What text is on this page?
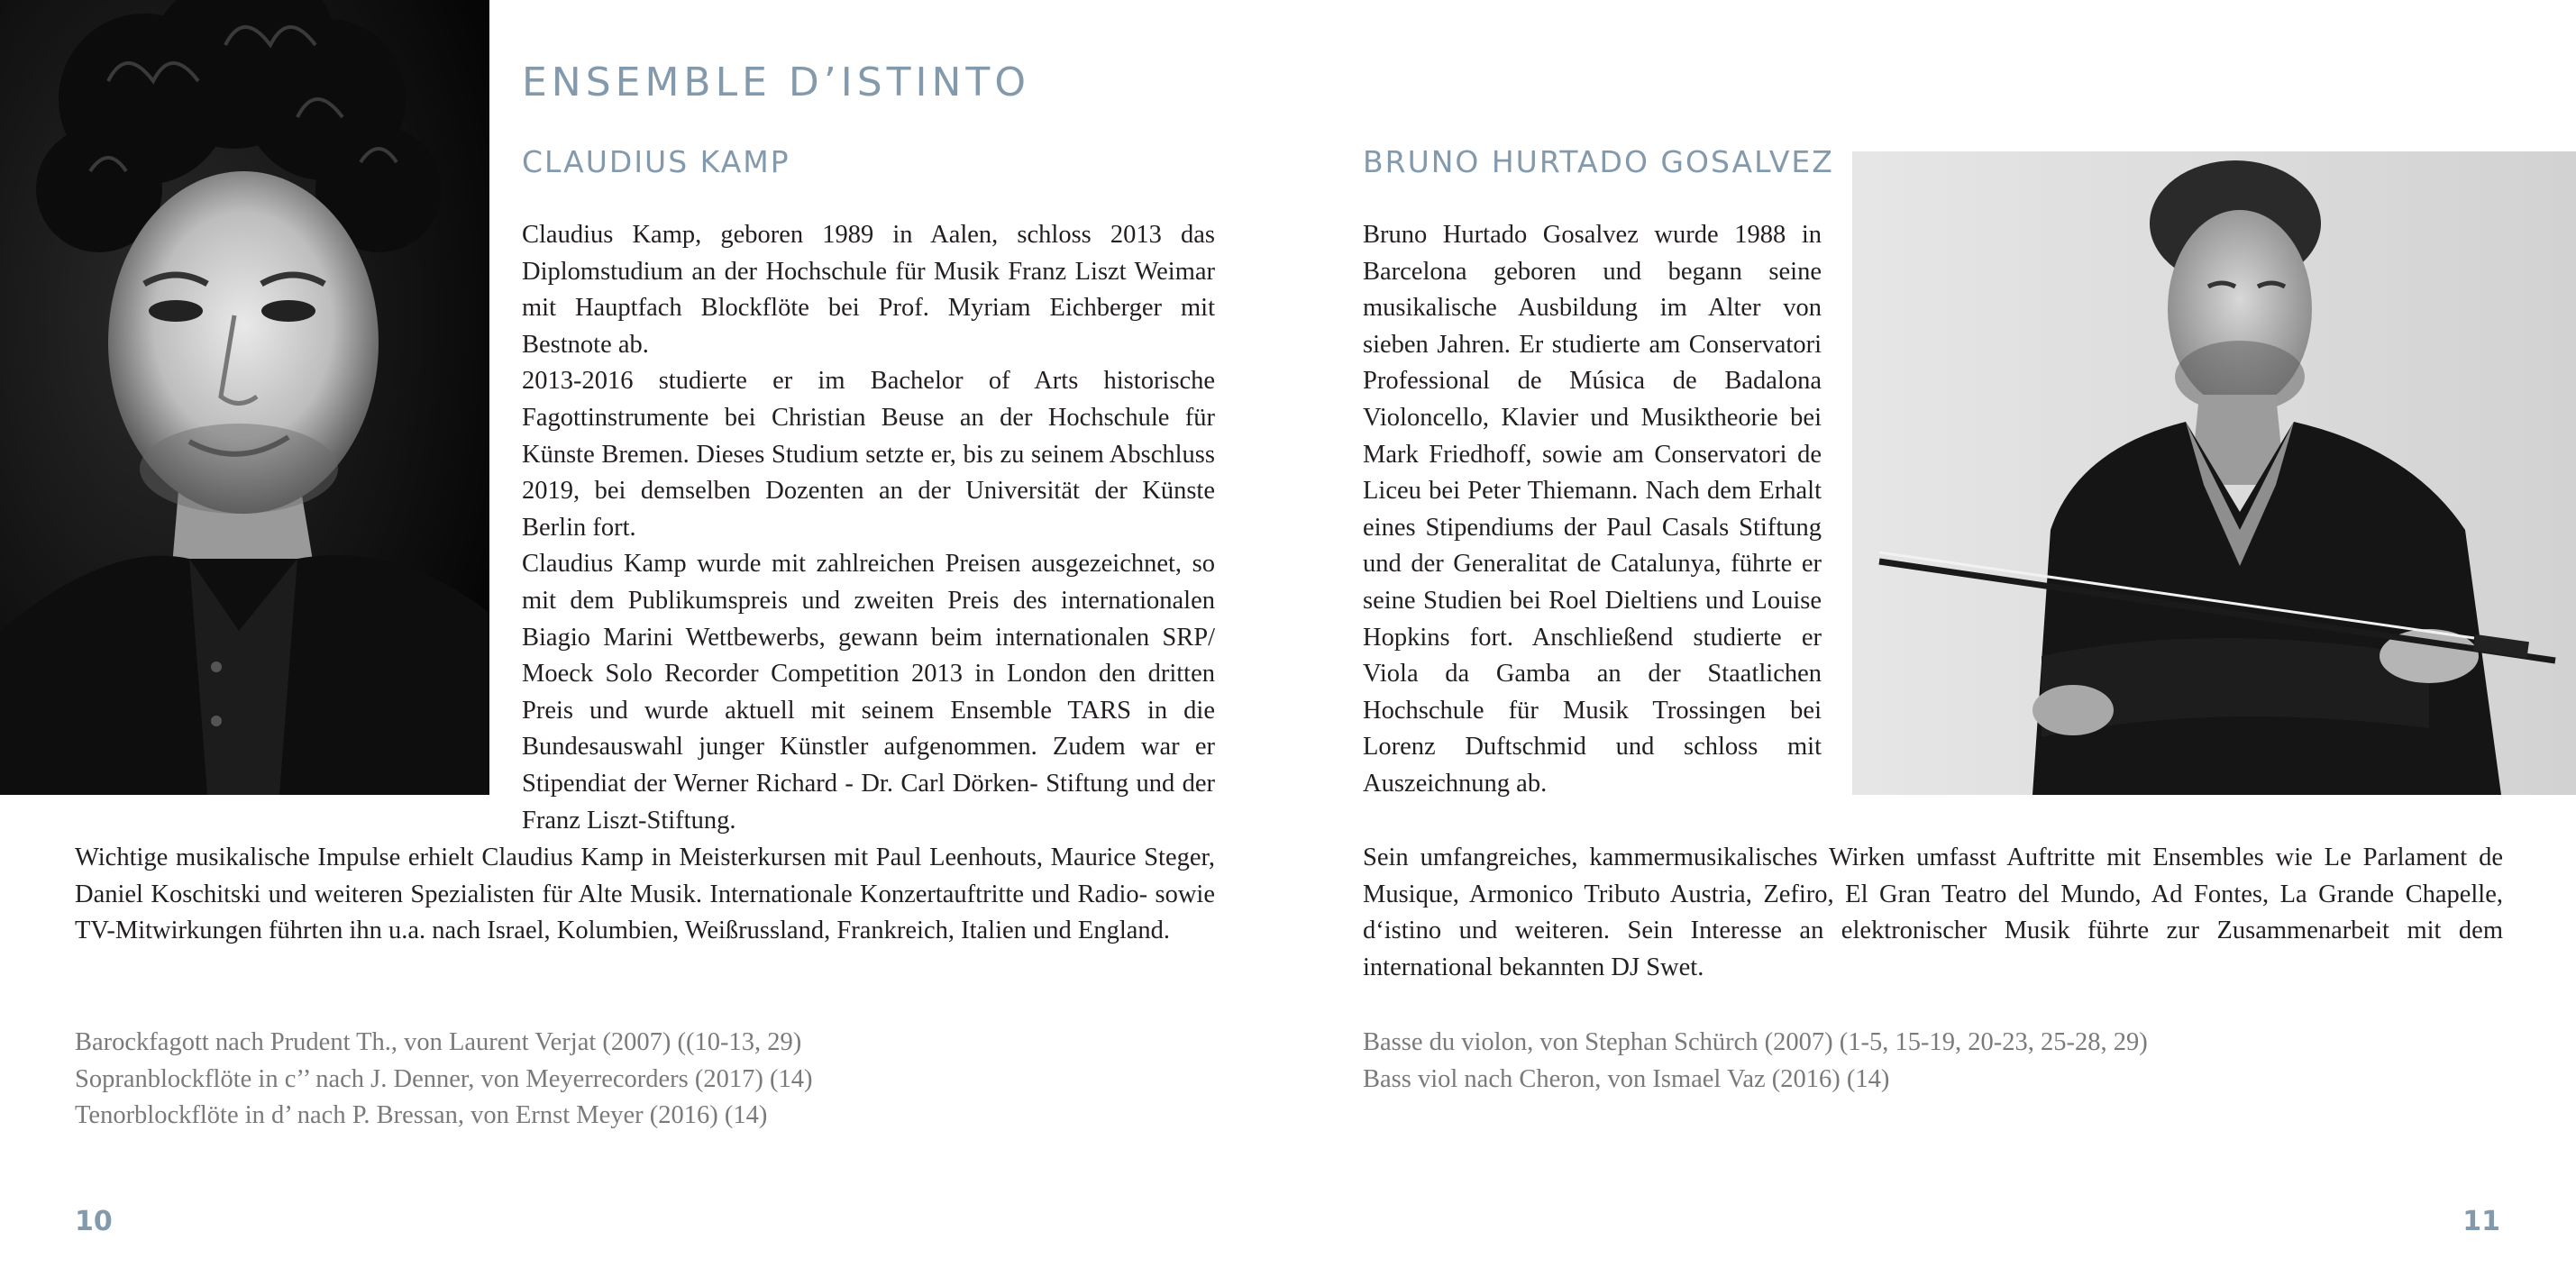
ENSEMBLE D’ISTINTO
CLAUDIUS KAMP	BRUNO HURTADO GOSALVEZ

Claudius Kamp, geboren 1989 in Aalen, schloss 2013 das Diplomstudium an der Hochschule für Musik Franz Liszt Weimar mit Hauptfach Blockflöte bei Prof. Myriam Eichberger mit Bestnote ab.

2013-2016 studierte er im Bachelor of Arts historische Fagottinstrumente bei Christian Beuse an der Hochschule für Künste Bremen. Dieses Studium setzte er, bis zu seinem Abschluss 2019, bei demselben Dozenten an der Universität der Künste Berlin fort.

Claudius Kamp wurde mit zahlreichen Preisen ausgezeichnet, so mit dem Publikumspreis und zweiten Preis des internationalen Biagio Marini Wettbewerbs, gewann beim internationalen SRP/ Moeck Solo Recorder Competition 2013 in London den dritten Preis und wurde aktuell mit seinem Ensemble TARS in die Bundesauswahl junger Künstler aufgenommen. Zudem war er Stipendiat der Werner Richard - Dr. Carl Dörken- Stiftung und der Franz Liszt-Stiftung.

Wichtige musikalische Impulse erhielt Claudius Kamp in Meisterkursen mit Paul Leenhouts, Maurice Steger, Daniel Koschitski und weiteren Spezialisten für Alte Musik. Internationale Konzertauftritte und Radio- sowie TV-Mitwirkungen führten ihn u.a. nach Israel, Kolumbien, Weißrussland, Frankreich, Italien und England.

Bruno Hurtado Gosalvez wurde 1988 in Barcelona geboren und begann seine musikalische Ausbildung im Alter von sieben Jahren. Er studierte am Conservatori Professional de Música de Badalona Violoncello, Klavier und Musiktheorie bei Mark Friedhoff, sowie am Conservatori de Liceu bei Peter Thiemann. Nach dem Erhalt eines Stipendiums der Paul Casals Stiftung und der Generalitat de Catalunya, führte er seine Studien bei Roel Dieltiens und Louise Hopkins fort. Anschließend studierte er Viola da Gamba an der Staatlichen Hochschule für Musik Trossingen bei Lorenz Duftschmid und schloss mit Auszeichnung ab.

Sein umfangreiches, kammermusikalisches Wirken umfasst Auftritte mit Ensembles wie Le Parlament de Musique, Armonico Tributo Austria, Zefiro, El Gran Teatro del Mundo, Ad Fontes, La Grande Chapelle, d‘istino und weiteren. Sein Interesse an elektronischer Musik führte zur Zusammenarbeit mit dem international bekannten DJ Swet.

Barockfagott nach Prudent Th., von Laurent Verjat (2007) ((10-13, 29)
Sopranblockflöte in c’’ nach J. Denner, von Meyerrecorders (2017) (14)
Tenorblockflöte in d’ nach P. Bressan, von Ernst Meyer (2016) (14)
Basse du violon, von Stephan Schürch (2007) (1-5, 15-19, 20-23, 25-28, 29)
Bass viol nach Cheron, von Ismael Vaz (2016) (14)
10	11
